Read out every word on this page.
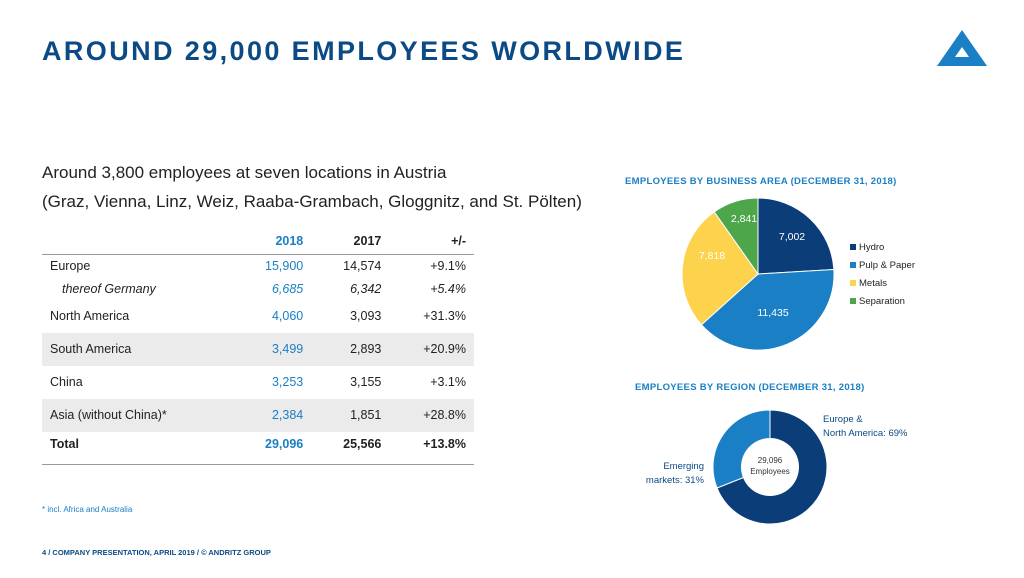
AROUND 29,000 EMPLOYEES WORLDWIDE
Around 3,800 employees at seven locations in Austria
(Graz, Vienna, Linz, Weiz, Raaba-Grambach, Gloggnitz, and St. Pölten)
	2018	2017	+/-
Europe	15,900	14,574	+9.1%
thereof Germany	6,685	6,342	+5.4%
North America	4,060	3,093	+31.3%
South America	3,499	2,893	+20.9%
China	3,253	3,155	+3.1%
Asia (without China)*	2,384	1,851	+28.8%
Total	29,096	25,566	+13.8%
* incl. Africa and Australia
4 / COMPANY PRESENTATION, APRIL 2019 / © ANDRITZ GROUP
EMPLOYEES BY BUSINESS AREA (DECEMBER 31, 2018)
EMPLOYEES BY REGION (DECEMBER 31, 2018)
7,002
11,435
7,818
2,841
29,096
Employees
Hydro
Pulp & Paper
Metals
Separation
Europe &
North America: 69%
Emerging
markets: 31%
